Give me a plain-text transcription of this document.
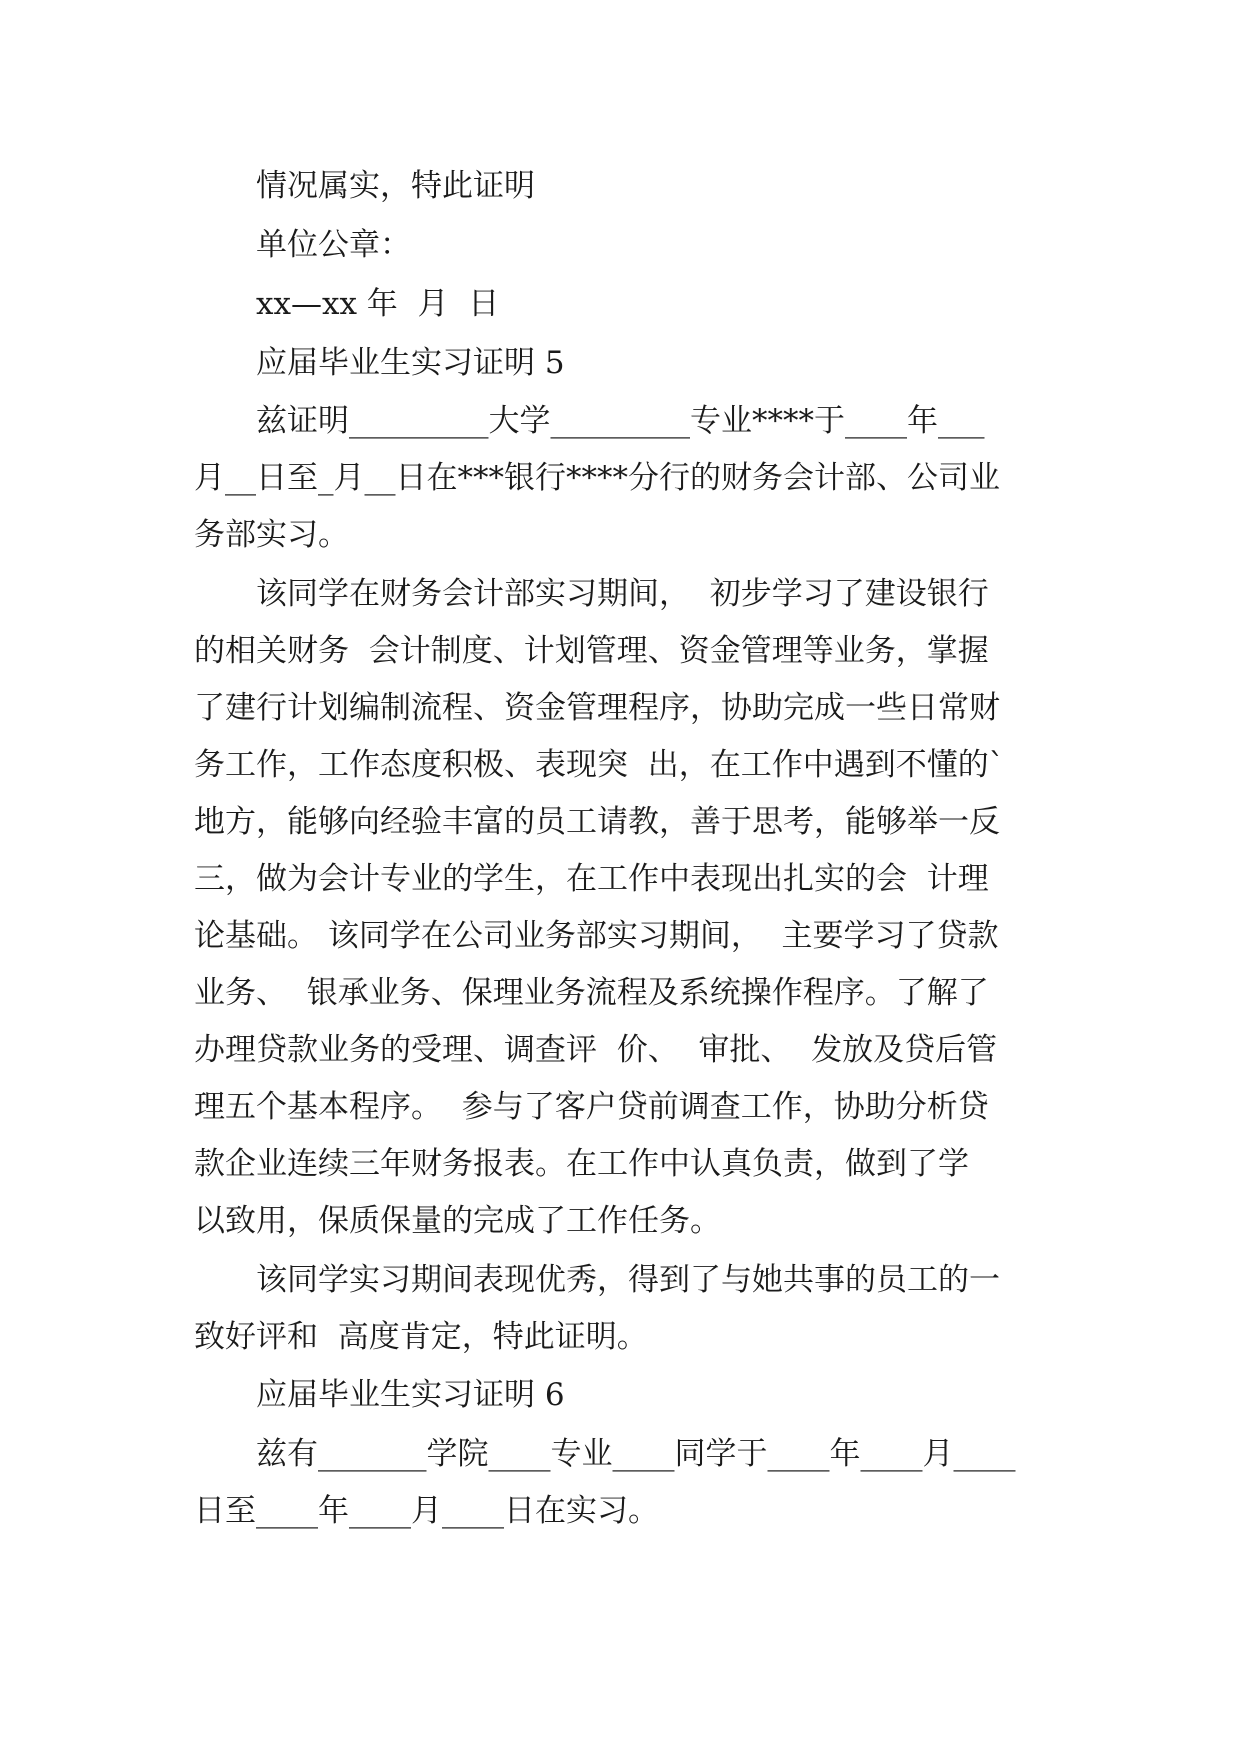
情况属实，特此证明
单位公章：
xx—xx 年  月  日
应届毕业生实习证明 5
兹证明_________大学_________专业****于____年___
月__日至_月__日在***银行****分行的财务会计部、公司业
务部实习。
该同学在财务会计部实习期间，  初步学习了建设银行
的相关财务  会计制度、计划管理、资金管理等业务，掌握
了建行计划编制流程、资金管理程序，协助完成一些日常财
务工作，工作态度积极、表现突  出，在工作中遇到不懂的`
地方，能够向经验丰富的员工请教，善于思考，能够举一反
三，做为会计专业的学生，在工作中表现出扎实的会  计理
论基础。 该同学在公司业务部实习期间，  主要学习了贷款
业务、  银承业务、保理业务流程及系统操作程序。了解了
办理贷款业务的受理、调查评  价、  审批、  发放及贷后管
理五个基本程序。  参与了客户贷前调查工作，协助分析贷
款企业连续三年财务报表。在工作中认真负责，做到了学
以致用，保质保量的完成了工作任务。
该同学实习期间表现优秀，得到了与她共事的员工的一
致好评和  高度肯定，特此证明。
应届毕业生实习证明 6
兹有_______学院____专业____同学于____年____月____
日至____年____月____日在实习。
